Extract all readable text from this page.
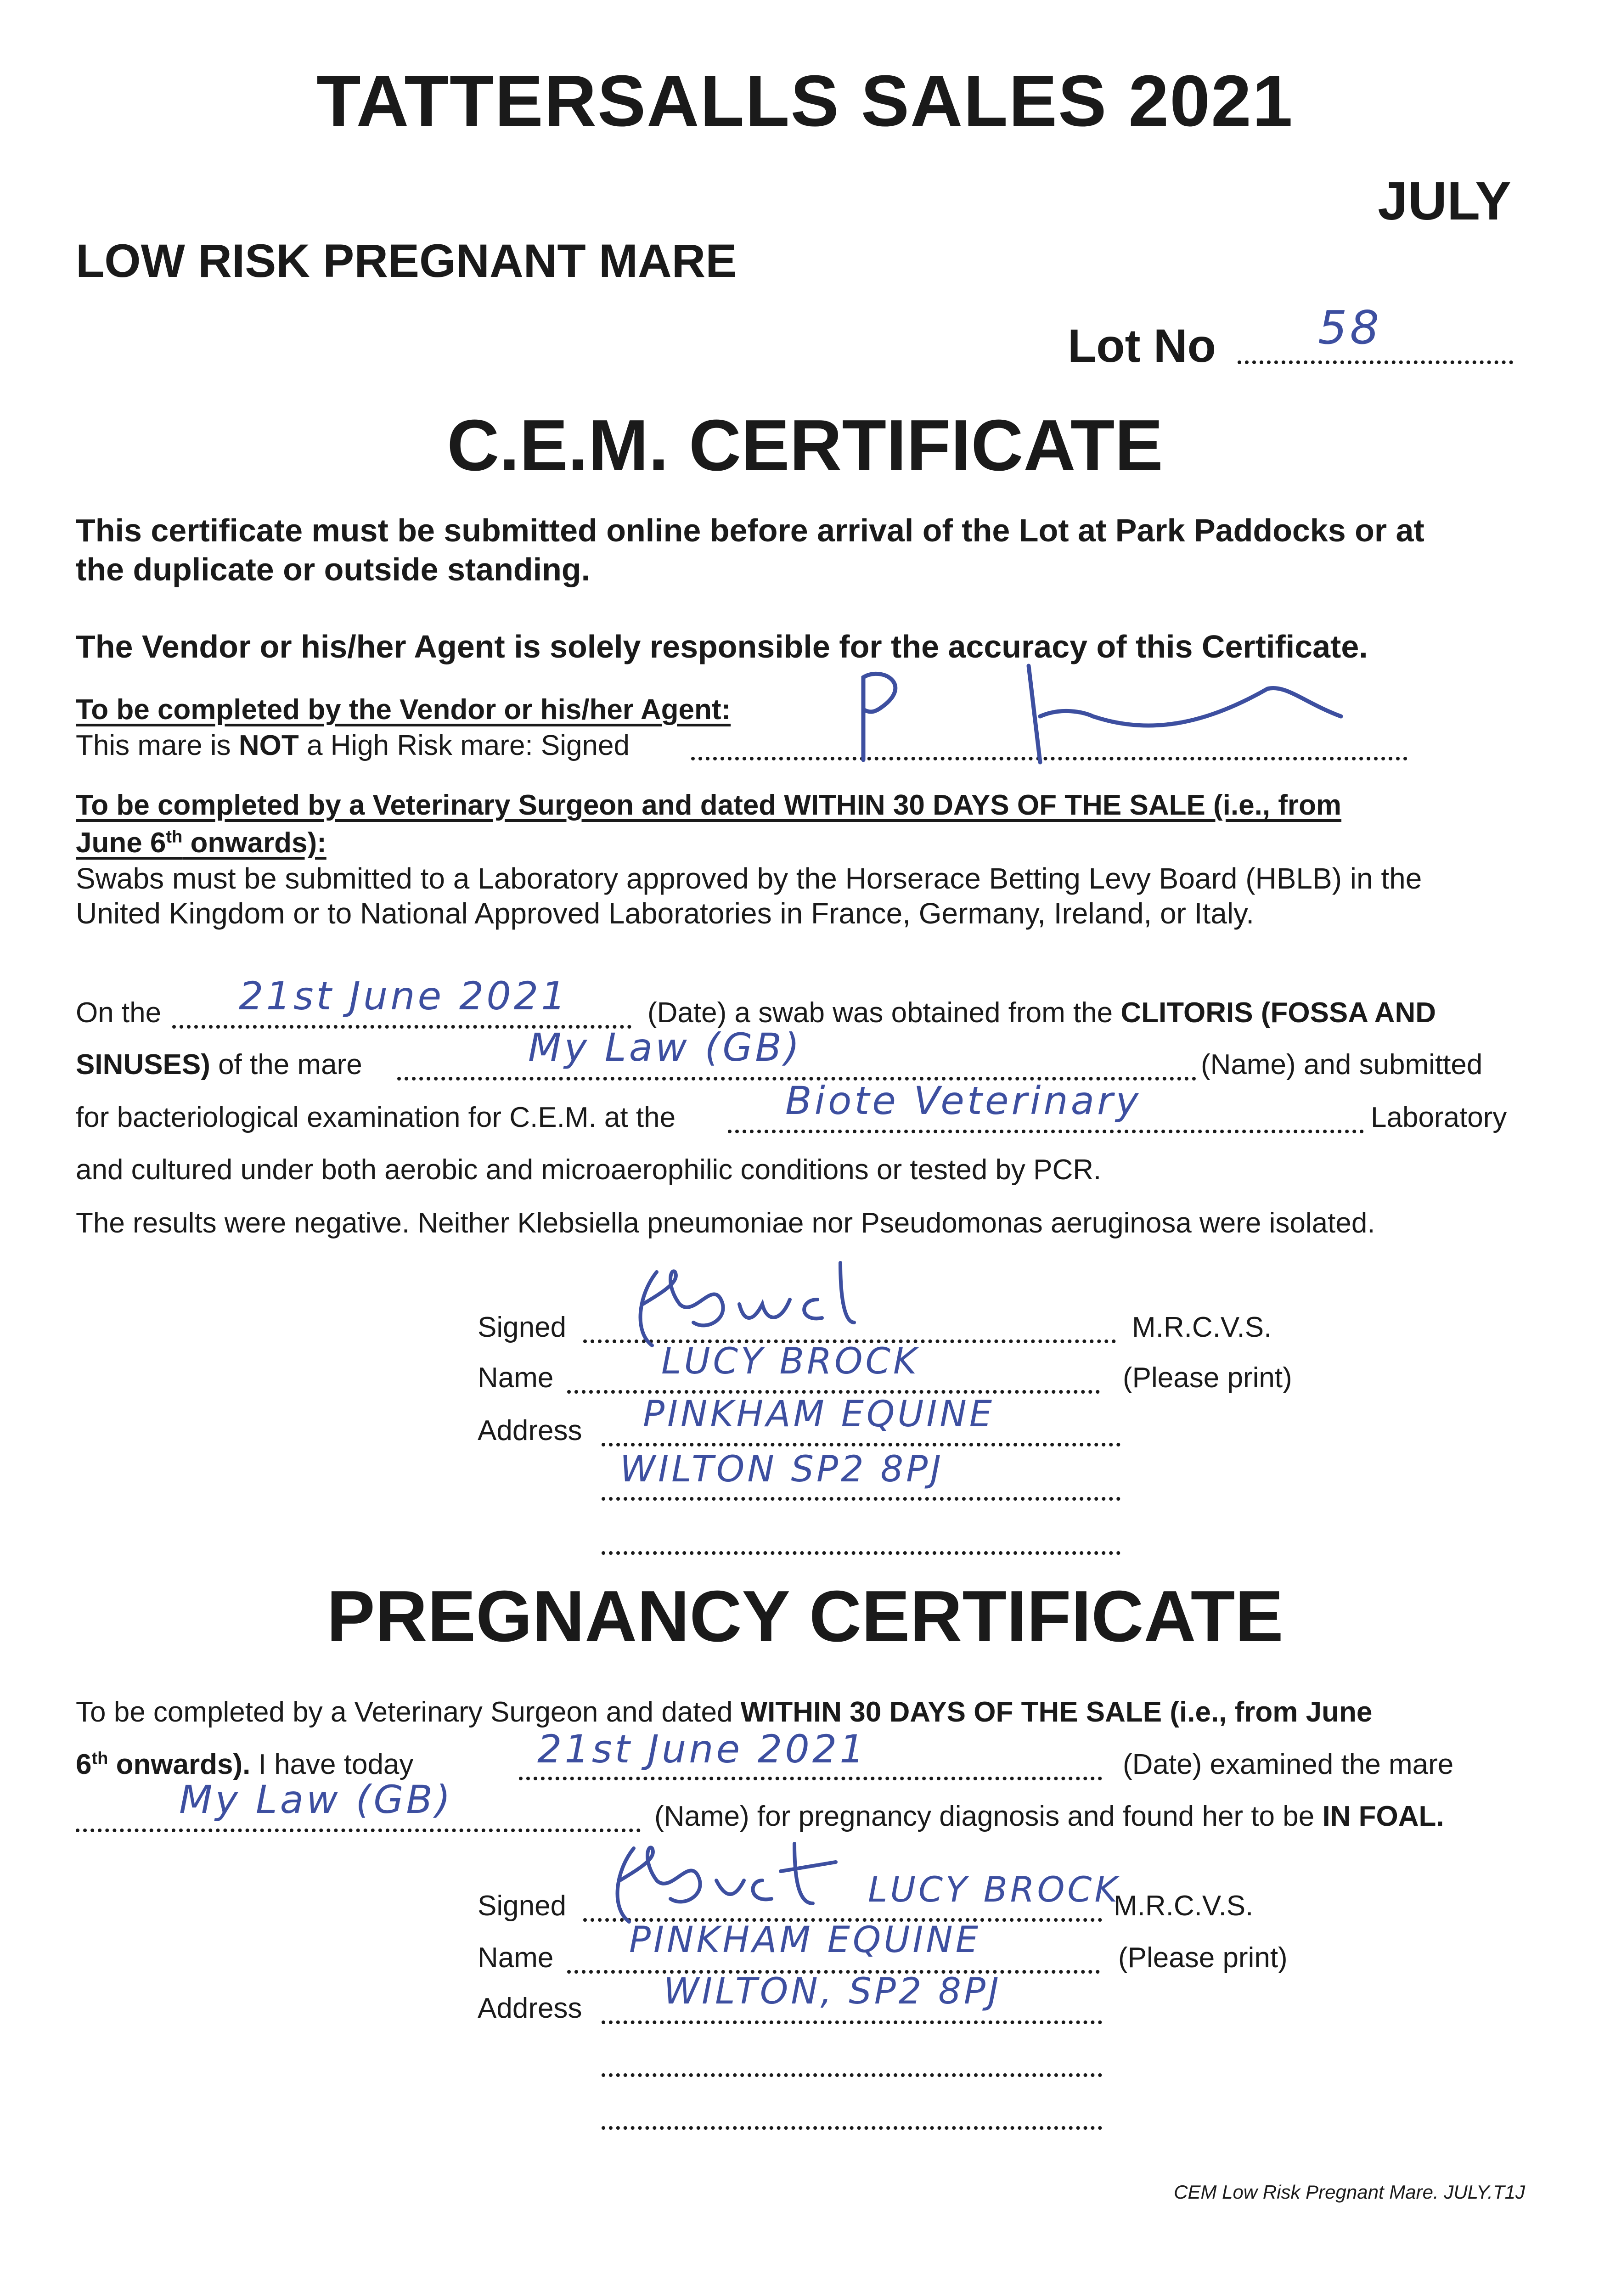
TATTERSALLS SALES 2021
JULY
LOW RISK PREGNANT MARE
Lot No 58
C.E.M. CERTIFICATE
This certificate must be submitted online before arrival of the Lot at Park Paddocks or at
the duplicate or outside standing.
The Vendor or his/her Agent is solely responsible for the accuracy of this Certificate.
To be completed by the Vendor or his/her Agent:
This mare is NOT a High Risk mare: Signed
To be completed by a Veterinary Surgeon and dated WITHIN 30 DAYS OF THE SALE (i.e., from
June 6th onwards):
Swabs must be submitted to a Laboratory approved by the Horserace Betting Levy Board (HBLB) in the
United Kingdom or to National Approved Laboratories in France, Germany, Ireland, or Italy.
On the 21st June 2021	(Date) a swab was obtained from the CLITORIS (FOSSA AND
SINUSES) of the mare	My Law (GB)	(Name) and submitted
for bacteriological examination for C.E.M. at the	Biote Veterinary	Laboratory
and cultured under both aerobic and microaerophilic conditions or tested by PCR.
The results were negative. Neither Klebsiella pneumoniae nor Pseudomonas aeruginosa were isolated.
Signed	M.R.C.V.S.
Name	LUCY BROCK	(Please print)
Address PINKHAM EQUINE
WILTON SP2 8PJ
PREGNANCY CERTIFICATE
To be completed by a Veterinary Surgeon and dated WITHIN 30 DAYS OF THE SALE (i.e., from June
6th onwards). I have today	21st June 2021	(Date) examined the mare
My Law (GB)	(Name) for pregnancy diagnosis and found her to be IN FOAL.
Signed	LUCY BROCK
M.R.C.V.S.
Name PINKHAM EQUINE	(Please print)
Address WILTON, SP2 8PJ
CEM Low Risk Pregnant Mare. JULY.T1J
